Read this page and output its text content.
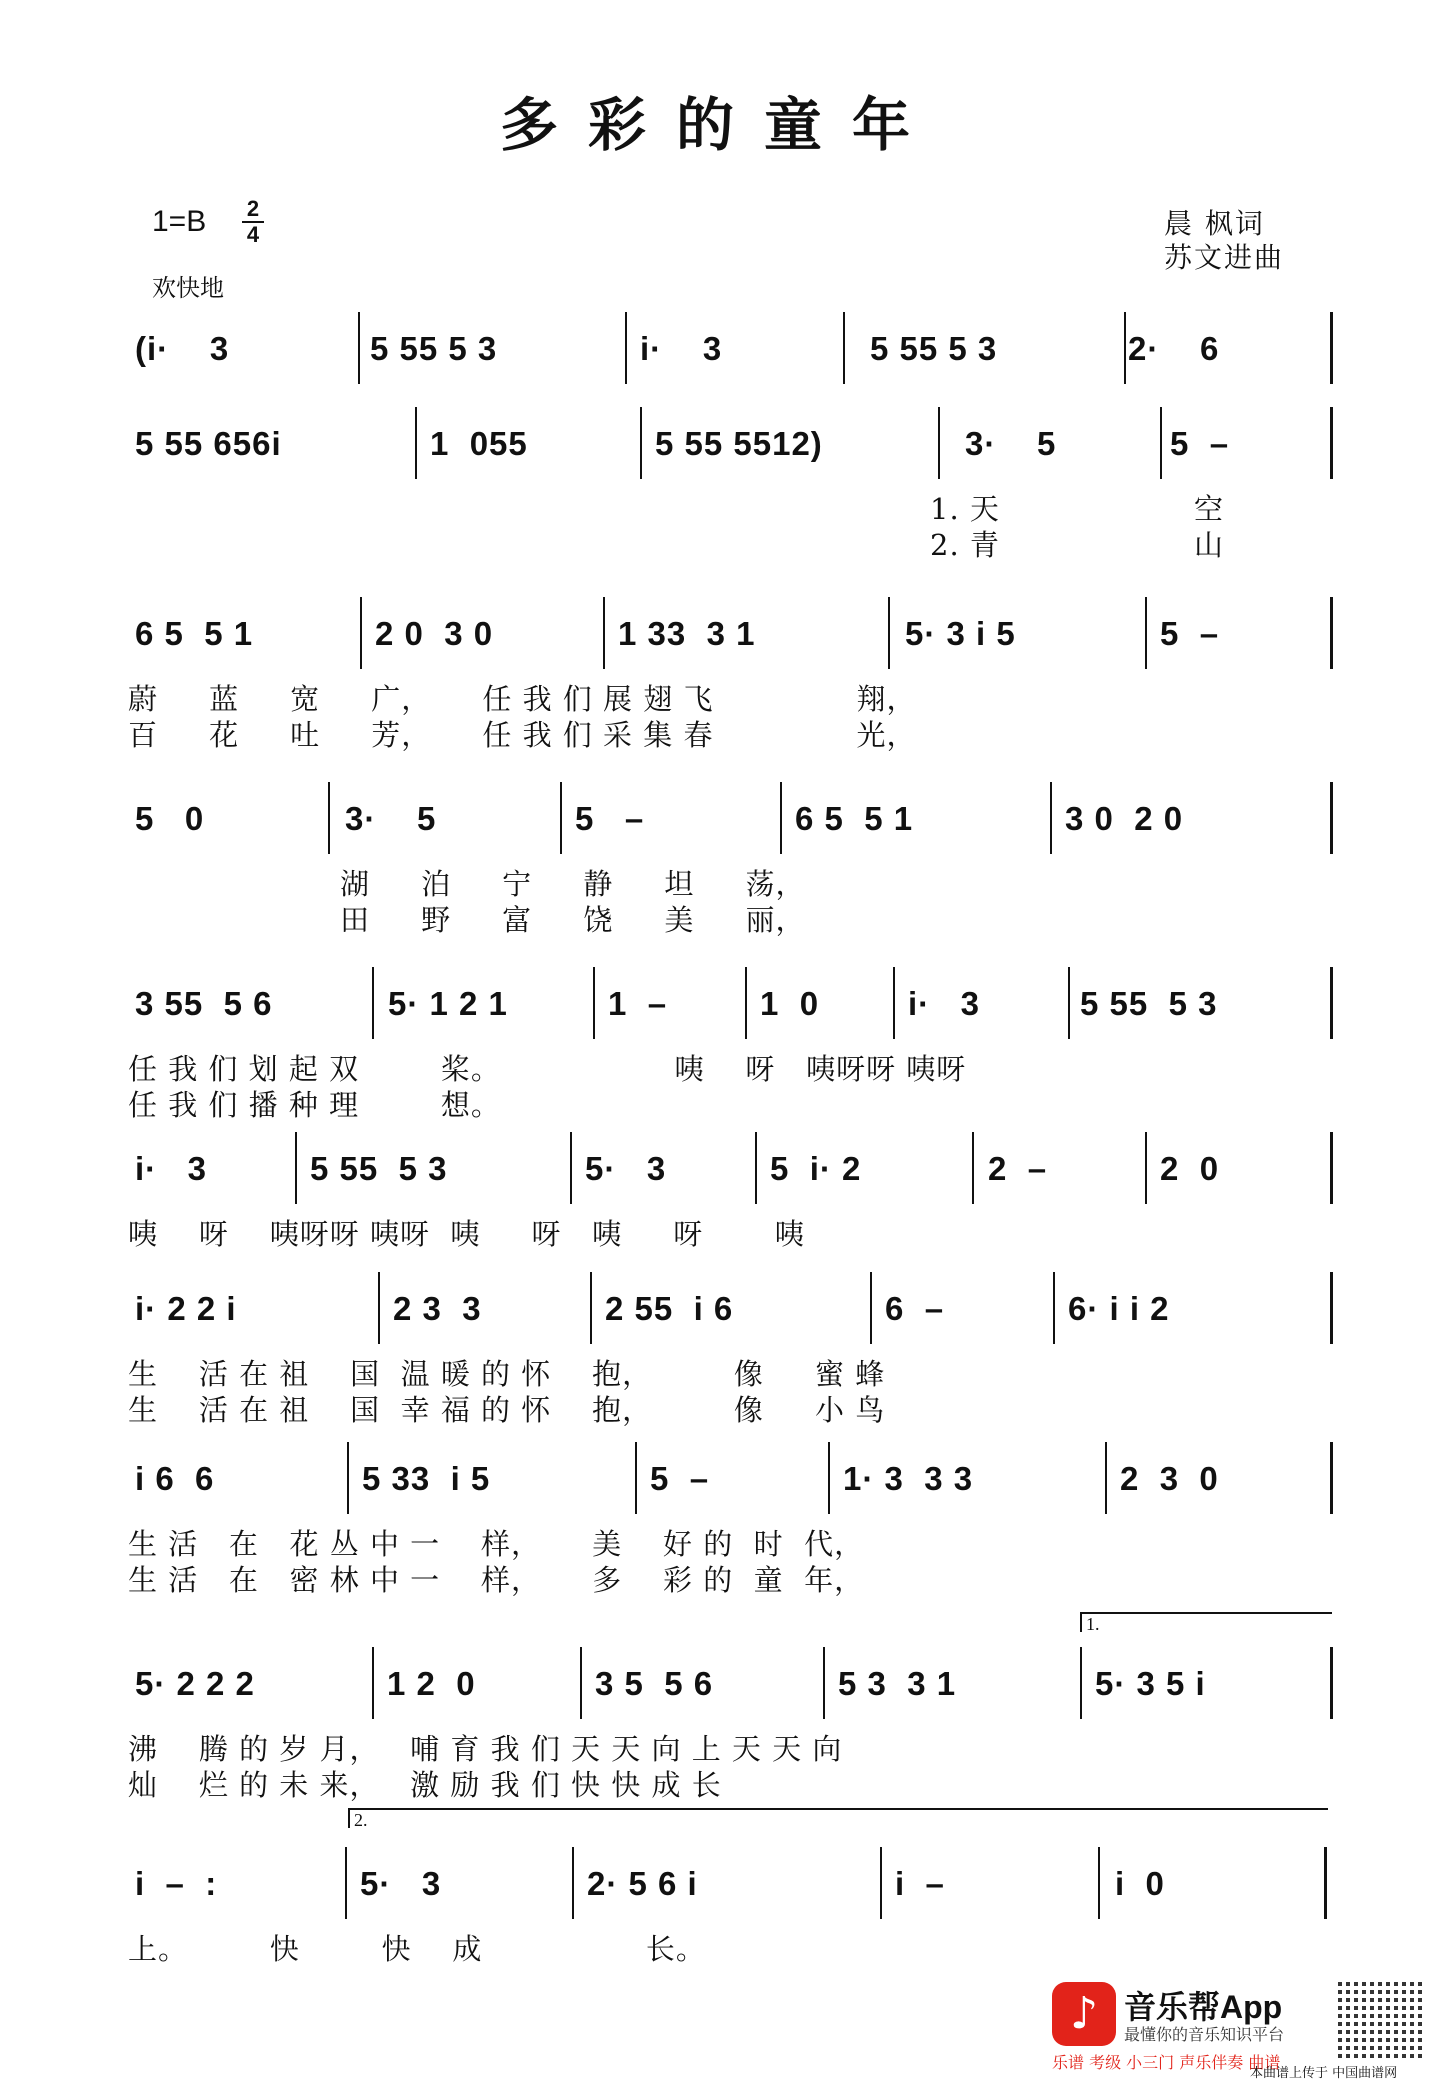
多彩的童年
1=B 2
4
欢快地
晨 枫词
苏文进曲
(i·    3	5 55 5 3	i·    3	5 55 5 3	2·    6
5 55 656i	1  055	5 55 5512)	3·    5	5  –
1. 天                   空
2. 青                   山
6 5  5 1	2 0  3 0	1 33  3 1	5· 3 i 5	5  –
蔚     蓝     宽     广，     任 我 们 展 翅 飞              翔，
百     花     吐     芳，     任 我 们 采 集 春              光，
5   0	3·    5	5   –	6 5  5 1	3 0  2 0
湖     泊     宁     静     坦     荡，
田     野     富     饶     美     丽，
3 55  5 6	5· 1 2 1	1  –	1  0	i·   3	5 55  5 3
任 我 们 划 起 双        桨。                 咦    呀   咦呀呀 咦呀
任 我 们 播 种 理        想。
i·   3	5 55  5 3	5·   3	5  i· 2	2  –	2  0
咦    呀    咦呀呀 咦呀  咦     呀   咦     呀       咦
i· 2 2 i	2 3  3	2 55  i 6	6  –	6· i i 2
生    活 在 祖    国  温 暖 的 怀    抱，        像     蜜 蜂
生    活 在 祖    国  幸 福 的 怀    抱，        像     小 鸟
i 6  6	5 33  i 5	5  –	1· 3  3 3	2  3  0
生 活   在   花 丛 中 一    样，     美    好 的  时  代，
生 活   在   密 林 中 一    样，     多    彩 的  童  年，
5· 2 2 2	1 2  0	3 5  5 6	5 3  3 1	5· 3 5 i
沸    腾 的 岁 月，   哺 育 我 们 天 天 向 上 天 天 向
灿    烂 的 未 来，   激 励 我 们 快 快 成 长
i  –  :	5·   3	2· 5 6 i	i  –	i  0
上。        快        快    成                长。
1.
2.
♪ 音乐帮App
最懂你的音乐知识平台
乐谱 考级 小三门 声乐伴奏 曲谱
本曲谱上传于 中国曲谱网
